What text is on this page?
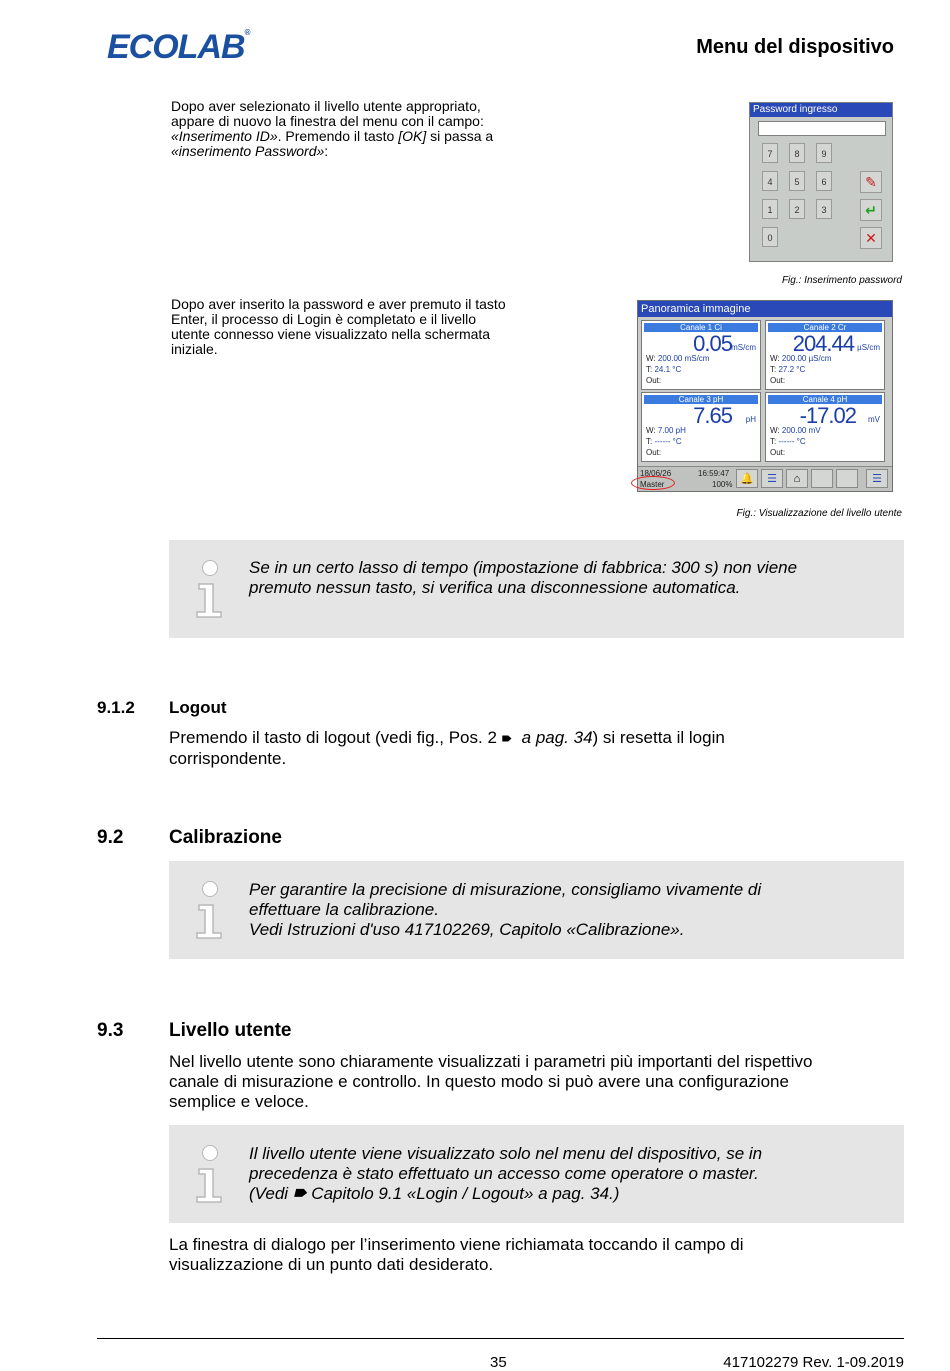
ECOLAB®
Menu del dispositivo
Dopo aver selezionato il livello utente appropriato,
appare di nuovo la finestra del menu con il campo:
«Inserimento ID». Premendo il tasto [OK] si passa a
«inserimento Password»:
Password ingresso
7	8	9
4	5	6
1	2	3
0
✎
↵
✕
Fig.: Inserimento password
Dopo aver inserito la password e aver premuto il tasto
Enter, il processo di Login è completato e il livello
utente connesso viene visualizzato nella schermata
iniziale.
Panoramica immagine
Canale 1 Ci
0.05 mS/cm
W: 200.00 mS/cm
T: 24.1 °C
Out:
Canale 2 Cr
204.44 µS/cm
W: 200.00 µS/cm
T: 27.2 °C
Out:
Canale 3 pH
7.65 pH
W: 7.00 pH
T: ------ °C
Out:
Canale 4 pH
-17.02 mV
W: 200.00 mV
T: ------ °C
Out:
18/06/26	16:59:47
Master	100% 🔔	☰	⌂	☰
Fig.: Visualizzazione del livello utente
Se in un certo lasso di tempo (impostazione di fabbrica: 300 s) non viene
premuto nessun tasto, si verifica una disconnessione automatica.
9.1.2 Logout
Premendo il tasto di logout (vedi fig., Pos. 2 🠶 a pag. 34) si resetta il login
corrispondente.
9.2 Calibrazione
Per garantire la precisione di misurazione, consigliamo vivamente di
effettuare la calibrazione.
Vedi Istruzioni d'uso 417102269, Capitolo «Calibrazione».
9.3 Livello utente
Nel livello utente sono chiaramente visualizzati i parametri più importanti del rispettivo
canale di misurazione e controllo. In questo modo si può avere una configurazione
semplice e veloce.
Il livello utente viene visualizzato solo nel menu del dispositivo, se in
precedenza è stato effettuato un accesso come operatore o master.
(Vedi 🠶 Capitolo 9.1 «Login / Logout» a pag. 34.)
La finestra di dialogo per l’inserimento viene richiamata toccando il campo di
visualizzazione di un punto dati desiderato.
35	417102279 Rev. 1-09.2019
